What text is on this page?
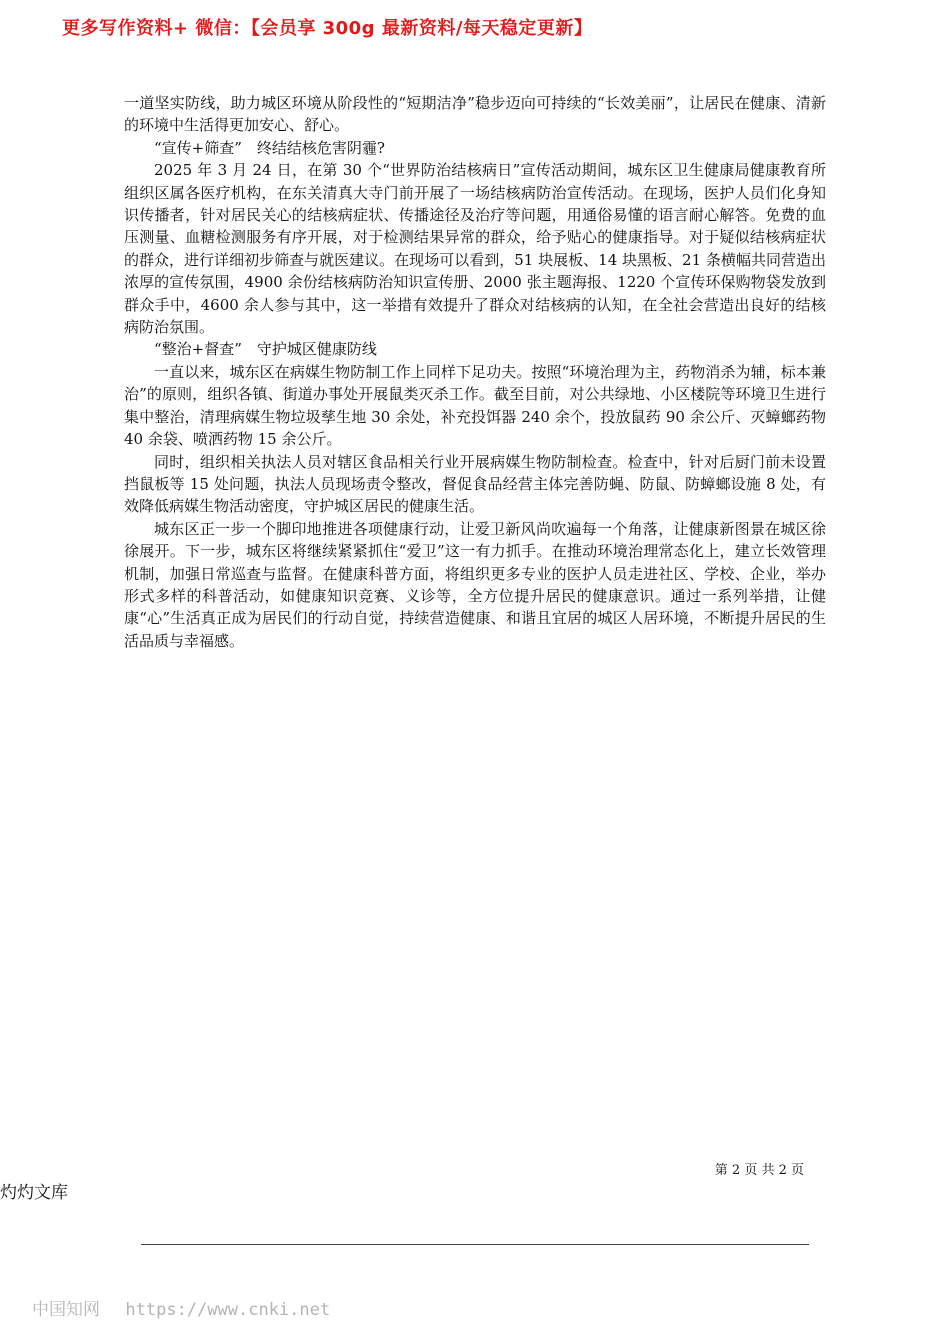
更多写作资料+ 微信：【会员享 300g 最新资料/每天稳定更新】

一道坚实防线，助力城区环境从阶段性的“短期洁净”稳步迈向可持续的“长效美丽”，让居民在健康、清新的环境中生活得更加安心、舒心。

“宣传+筛查”　终结结核危害阴霾?

2025 年 3 月 24 日，在第 30 个“世界防治结核病日”宣传活动期间，城东区卫生健康局健康教育所组织区属各医疗机构，在东关清真大寺门前开展了一场结核病防治宣传活动。在现场，医护人员们化身知识传播者，针对居民关心的结核病症状、传播途径及治疗等问题，用通俗易懂的语言耐心解答。免费的血压测量、血糖检测服务有序开展，对于检测结果异常的群众，给予贴心的健康指导。对于疑似结核病症状的群众，进行详细初步筛查与就医建议。在现场可以看到，51 块展板、14 块黑板、21 条横幅共同营造出浓厚的宣传氛围，4900 余份结核病防治知识宣传册、2000 张主题海报、1220 个宣传环保购物袋发放到群众手中，4600 余人参与其中，这一举措有效提升了群众对结核病的认知，在全社会营造出良好的结核病防治氛围。

“整治+督查”　守护城区健康防线

一直以来，城东区在病媒生物防制工作上同样下足功夫。按照“环境治理为主，药物消杀为辅，标本兼治”的原则，组织各镇、街道办事处开展鼠类灭杀工作。截至目前，对公共绿地、小区楼院等环境卫生进行集中整治，清理病媒生物垃圾孳生地 30 余处，补充投饵器 240 余个，投放鼠药 90 余公斤、灭蟑螂药物 40 余袋、喷洒药物 15 余公斤。

同时，组织相关执法人员对辖区食品相关行业开展病媒生物防制检查。检查中，针对后厨门前未设置挡鼠板等 15 处问题，执法人员现场责令整改，督促食品经营主体完善防蝇、防鼠、防蟑螂设施 8 处，有效降低病媒生物活动密度，守护城区居民的健康生活。

城东区正一步一个脚印地推进各项健康行动，让爱卫新风尚吹遍每一个角落，让健康新图景在城区徐徐展开。下一步，城东区将继续紧紧抓住“爱卫”这一有力抓手。在推动环境治理常态化上，建立长效管理机制，加强日常巡查与监督。在健康科普方面，将组织更多专业的医护人员走进社区、学校、企业，举办形式多样的科普活动，如健康知识竞赛、义诊等，全方位提升居民的健康意识。通过一系列举措，让健康“心”生活真正成为居民们的行动自觉，持续营造健康、和谐且宜居的城区人居环境，不断提升居民的生活品质与幸福感。

第 2 页 共 2 页
灼灼文库
中国知网 https://www.cnki.net
